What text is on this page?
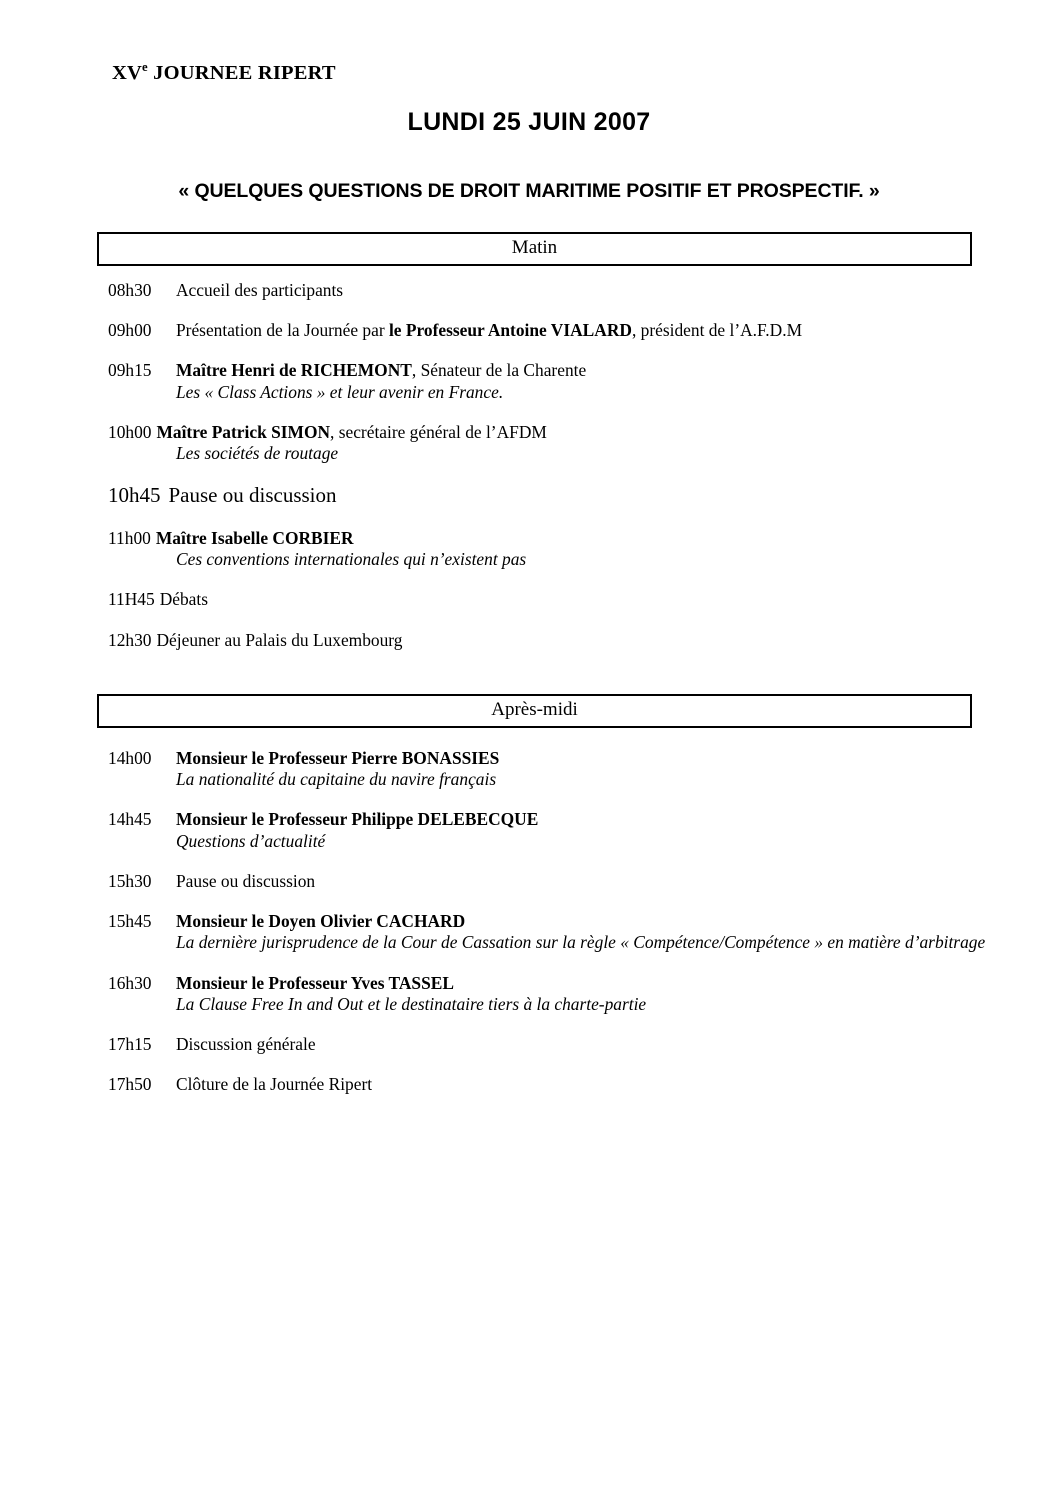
XVe JOURNEE RIPERT
LUNDI 25 JUIN 2007
« QUELQUES QUESTIONS DE DROIT MARITIME POSITIF ET PROSPECTIF. »
Matin
08h30 Accueil des participants
09h00 Présentation de la Journée par le Professeur Antoine VIALARD, président de l’A.F.D.M
09h15 Maître Henri de RICHEMONT, Sénateur de la Charente
Les « Class Actions » et leur avenir en France.
10h00 Maître Patrick SIMON, secrétaire général de l’AFDM
Les sociétés de routage
10h45 Pause ou discussion
11h00 Maître Isabelle CORBIER
Ces conventions internationales qui n’existent pas
11H45 Débats
12h30 Déjeuner au Palais du Luxembourg
Après-midi
14h00 Monsieur le Professeur Pierre BONASSIES
La nationalité du capitaine du navire français
14h45 Monsieur le Professeur Philippe DELEBECQUE
Questions d’actualité
15h30 Pause ou discussion
15h45 Monsieur le Doyen Olivier CACHARD
La dernière jurisprudence de la Cour de Cassation sur la règle « Compétence/Compétence » en matière d’arbitrage
16h30 Monsieur le Professeur Yves TASSEL
La Clause Free In and Out et le destinataire tiers à la charte-partie
17h15 Discussion générale
17h50 Clôture de la Journée Ripert
